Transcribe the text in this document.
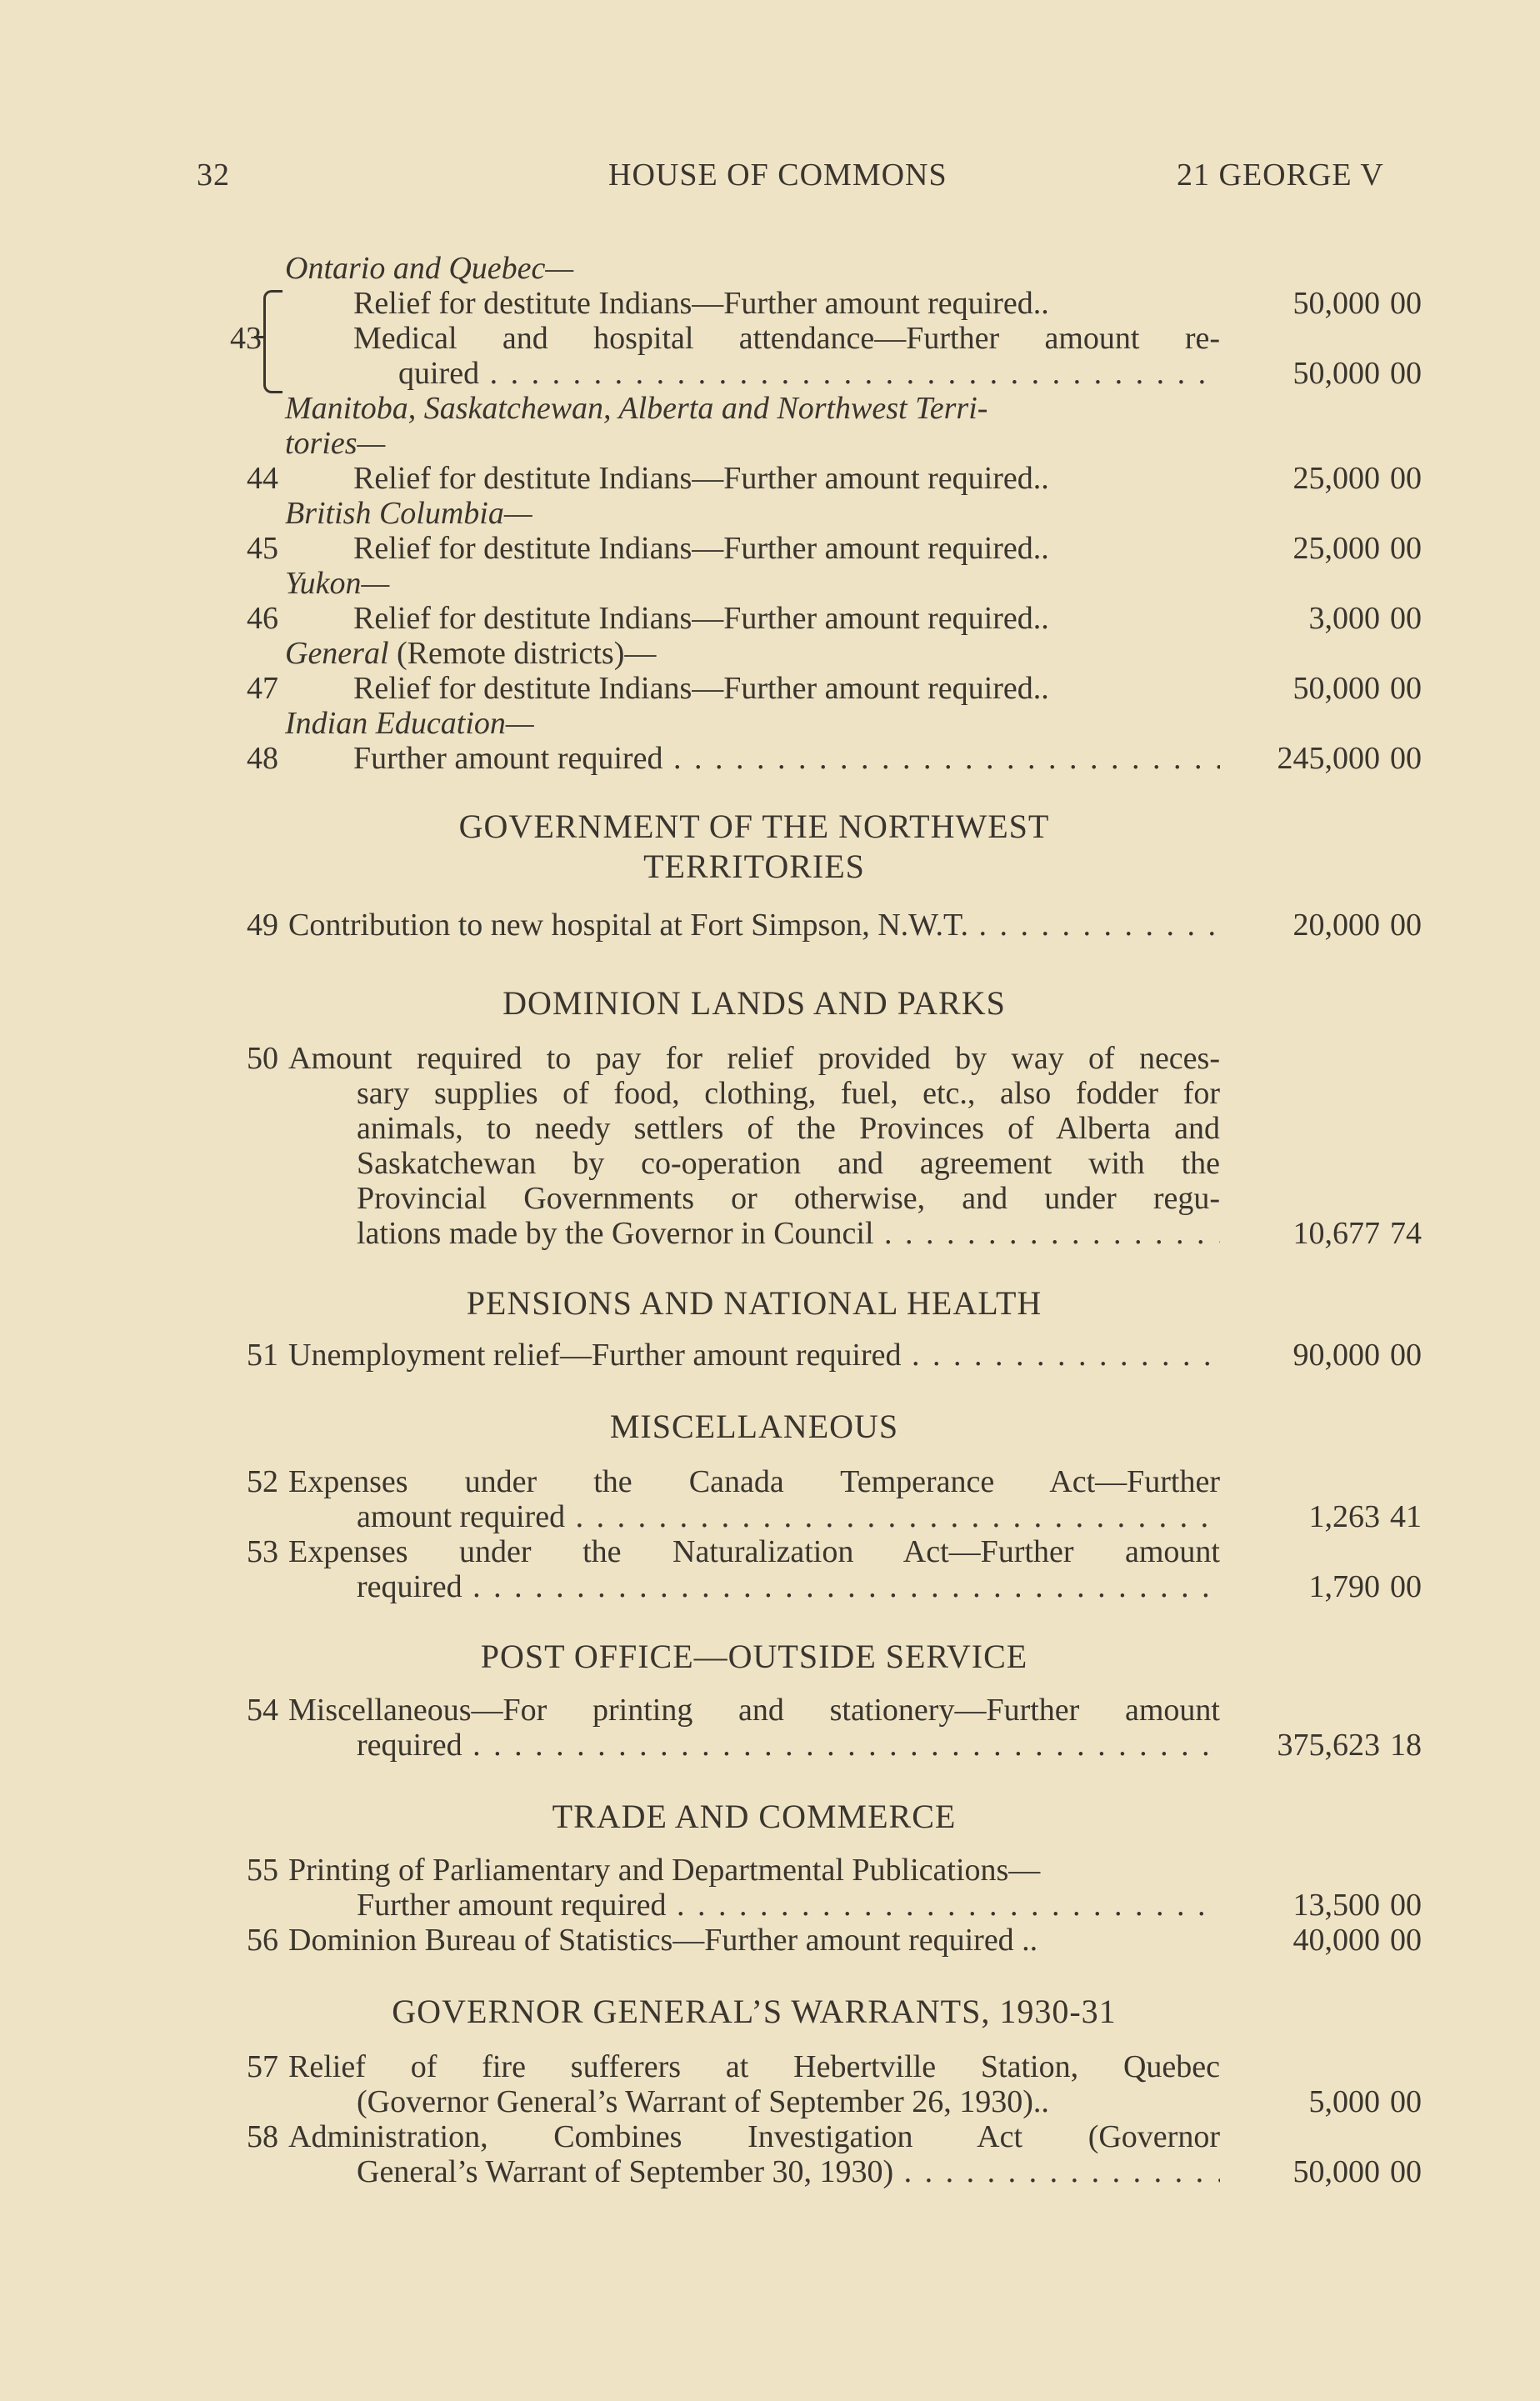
32	HOUSE OF COMMONS	21 GEORGE V
Ontario and Quebec—
Relief for destitute Indians—Further amount required..	50,000 00
43	Medical and hospital attendance—Further amount re-
quired . . .	50,000 00
Manitoba, Saskatchewan, Alberta and Northwest Terri-
tories—
44 Relief for destitute Indians—Further amount required..	25,000 00
British Columbia—
45 Relief for destitute Indians—Further amount required..	25,000 00
Yukon—
46 Relief for destitute Indians—Further amount required..	3,000 00
General (Remote districts)—
47 Relief for destitute Indians—Further amount required..	50,000 00
Indian Education—
48 Further amount required . . .	245,000 00
GOVERNMENT OF THE NORTHWEST
TERRITORIES
49 Contribution to new hospital at Fort Simpson, N.W.T. . . .	20,000 00
DOMINION LANDS AND PARKS
50 Amount required to pay for relief provided by way of neces-
sary supplies of food, clothing, fuel, etc., also fodder for
animals, to needy settlers of the Provinces of Alberta and
Saskatchewan by co-operation and agreement with the
Provincial Governments or otherwise, and under regu-
lations made by the Governor in Council . . .	10,677 74
PENSIONS AND NATIONAL HEALTH
51 Unemployment relief—Further amount required . . .	90,000 00
MISCELLANEOUS
52 Expenses under the Canada Temperance Act—Further
amount required . . .	1,263 41
53 Expenses under the Naturalization Act—Further amount
required . . .	1,790 00
POST OFFICE—OUTSIDE SERVICE
54 Miscellaneous—For printing and stationery—Further amount
required . . .	375,623 18
TRADE AND COMMERCE
55 Printing of Parliamentary and Departmental Publications—
Further amount required . . .	13,500 00
56 Dominion Bureau of Statistics—Further amount required ..	40,000 00
GOVERNOR GENERAL’S WARRANTS, 1930-31
57 Relief of fire sufferers at Hebertville Station, Quebec
(Governor General’s Warrant of September 26, 1930)..	5,000 00
58 Administration, Combines Investigation Act (Governor
General’s Warrant of September 30, 1930) . . .	50,000 00
